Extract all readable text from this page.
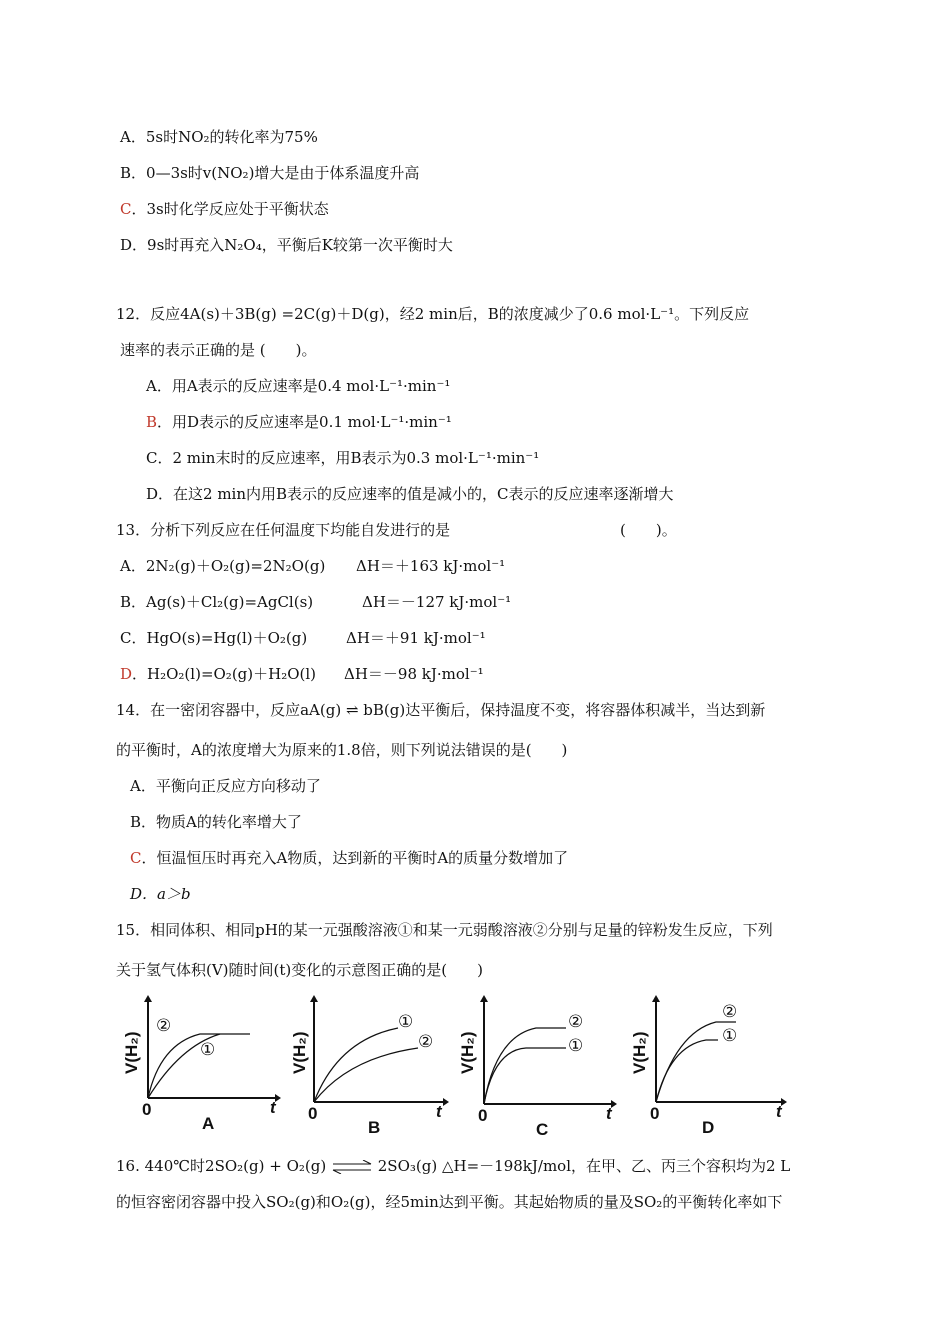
A．5s时NO₂的转化率为75%
B．0—3s时v(NO₂)增大是由于体系温度升高
C．3s时化学反应处于平衡状态
D．9s时再充入N₂O₄，平衡后K较第一次平衡时大
12．反应4A(s)＋3B(g) =2C(g)＋D(g)，经2 min后，B的浓度减少了0.6 mol·L⁻¹。下列反应
速率的表示正确的是 (　　)。
A．用A表示的反应速率是0.4 mol·L⁻¹·min⁻¹
B．用D表示的反应速率是0.1 mol·L⁻¹·min⁻¹
C．2 min末时的反应速率，用B表示为0.3 mol·L⁻¹·min⁻¹
D．在这2 min内用B表示的反应速率的值是减小的，C表示的反应速率逐渐增大
13．分析下列反应在任何温度下均能自发进行的是	(　　)。
A．2N₂(g)＋O₂(g)=2N₂O(g) ΔH＝＋163 kJ·mol⁻¹
B．Ag(s)＋Cl₂(g)=AgCl(s)	ΔH＝－127 kJ·mol⁻¹
C．HgO(s)=Hg(l)＋O₂(g)	ΔH＝＋91 kJ·mol⁻¹
D．H₂O₂(l)=O₂(g)＋H₂O(l) ΔH＝－98 kJ·mol⁻¹
14．在一密闭容器中，反应aA(g) ⇌ bB(g)达平衡后，保持温度不变，将容器体积减半，当达到新
的平衡时，A的浓度增大为原来的1.8倍，则下列说法错误的是(　　)
A．平衡向正反应方向移动了
B．物质A的转化率增大了
C．恒温恒压时再充入A物质，达到新的平衡时A的质量分数增加了
D．a＞b
15．相同体积、相同pH的某一元强酸溶液①和某一元弱酸溶液②分别与足量的锌粉发生反应，下列
关于氢气体积(V)随时间(t)变化的示意图正确的是(　　)
V(H₂)
t
0
②
①
A
V(H₂)
t
0
①
②
B
V(H₂)
t
0
②
①
C
V(H₂)
t
0
②
①
D
16. 440℃时2SO₂(g) + O₂(g) ⇌ 2SO₃(g) △H=－198kJ/mol，在甲、乙、丙三个容积均为2 L
的恒容密闭容器中投入SO₂(g)和O₂(g)，经5min达到平衡。其起始物质的量及SO₂的平衡转化率如下
